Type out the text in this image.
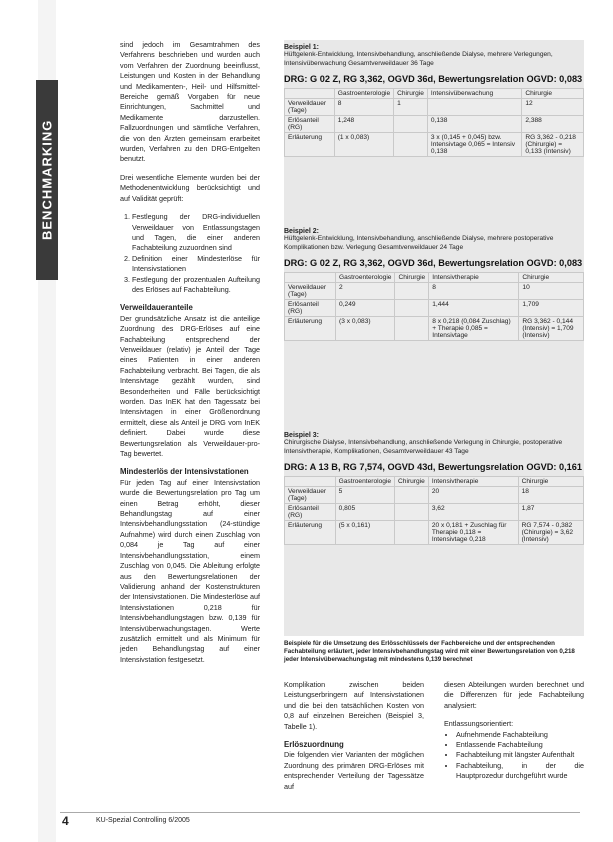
BENCHMARKING

sind jedoch im Gesamtrahmen des Verfahrens beschrieben und wurden auch vom Verfahren der Zuordnung beeinflusst, Leistungen und Kosten in der Behandlung und Medikamenten-, Heil- und Hilfsmittel-Bereiche gemäß Vorgaben für neue Einrichtungen, Sachmittel und Medikamente darzustellen. Fallzuordnungen und sämtliche Verfahren, die von den Ärzten gemeinsam erarbeitet wurden, Verfahren zu den DRG-Entgelten benutzt.

Drei wesentliche Elemente wurden bei der Methodenentwicklung berücksichtigt und auf Validität geprüft:

1. Festlegung der DRG-individuellen Verweildauer von Entlassungstagen und Tagen, die einer anderen Fachabteilung zuzuordnen sind
2. Definition einer Mindesterlöse für Intensivstationen
3. Festlegung der prozentualen Aufteilung des Erlöses auf Fachabteilung.
Verweildaueranteile

Der grundsätzliche Ansatz ist die anteilige Zuordnung des DRG-Erlöses auf eine Fachabteilung entsprechend der Verweildauer (relativ) je Anteil der Tage eines Patienten in einer anderen Fachabteilung verbracht. Bei Tagen, die als Intensivtage gezählt wurden, sind Besonderheiten und Fälle berücksichtigt worden. Das InEK hat den Tagessatz bei Intensivtagen in einer Größenordnung ermittelt, diese als Anteil je DRG vom InEK definiert. Dabei wurde diese Bewertungsrelation als Verweildauer-pro-Tag bewertet.

Mindesterlös der Intensivstationen

Für jeden Tag auf einer Intensivstation wurde die Bewertungsrelation pro Tag um einen Betrag erhöht, dieser Behandlungstag auf einer Intensivbehandlungsstation (24-stündige Aufnahme) wird durch einen Zuschlag von 0,084 je Tag auf einer Intensivbehandlungsstation, einem Zuschlag von 0,045. Die Ableitung erfolgte aus den Bewertungsrelationen der Validierung anhand der Kostenstrukturen der Intensivstationen. Die Mindesterlöse auf Intensivstationen 0,218 für Intensivbehandlungstagen bzw. 0,139 für Intensivüberwachungstagen. Werte zusätzlich ermittelt und als Minimum für jeden Behandlungstag auf einer Intensivstation festgesetzt.

Beispiel 1:

Hüftgelenk-Entwicklung, Intensivbehandlung, anschließende Dialyse, mehrere Verlegungen, Intensivüberwachung Gesamtverweildauer 36 Tage

DRG: G 02 Z, RG 3,362, OGVD 36d, Bewertungsrelation OGVD: 0,083

	Gastroenterologie	Chirurgie	Intensivüberwachung	Chirurgie
Verweildauer (Tage)	8	1		12
Erlösanteil (RG)	1,248		0,138	2,388
Erläuterung	(1 x 0,083)		3 x (0,145 + 0,045) bzw. Intensivtage 0,065 = Intensiv 0,138	RG 3,362 - 0,218 (Chirurgie) = 0,133 (Intensiv)

Beispiel 2:

Hüftgelenk-Entwicklung, Intensivbehandlung, anschließende Dialyse, mehrere postoperative Komplikationen bzw. Verlegung Gesamtverweildauer 24 Tage

DRG: G 02 Z, RG 3,362, OGVD 36d, Bewertungsrelation OGVD: 0,083

	Gastroenterologie	Chirurgie	Intensivtherapie	Chirurgie
Verweildauer (Tage)	2		8	10
Erlösanteil (RG)	0,249		1,444	1,709
Erläuterung	(3 x 0,083)		8 x 0,218 (0,084 Zuschlag) + Therapie 0,085 = Intensivtage	RG 3,362 - 0,144 (Intensiv) = 1,709 (Intensiv)

Beispiel 3:

Chirurgische Dialyse, Intensivbehandlung, anschließende Verlegung in Chirurgie, postoperative Intensivtherapie, Komplikationen, Gesamtverweildauer 43 Tage

DRG: A 13 B, RG 7,574, OGVD 43d, Bewertungsrelation OGVD: 0,161

	Gastroenterologie	Chirurgie	Intensivtherapie	Chirurgie
Verweildauer (Tage)	5		20	18
Erlösanteil (RG)	0,805		3,62	1,87
Erläuterung	(5 x 0,161)		20 x 0,181 + Zuschlag für Therapie 0,118 = Intensivtage 0,218	RG 7,574 - 0,382 (Chirurgie) = 3,62 (Intensiv)
Beispiele für die Umsetzung des Erlösschlüssels der Fachbereiche und der entsprechenden Fachabteilung erläutert, jeder Intensivbehandlungstag wird mit einer Bewertungsrelation von 0,218 jeder Intensivüberwachungstag mit mindestens 0,139 berechnet

Komplikation zwischen beiden Leistungserbringern auf Intensivstationen und die bei den tatsächlichen Kosten von 0,8 auf einzelnen Bereichen (Beispiel 3, Tabelle 1).

Erlöszuordnung

Die folgenden vier Varianten der möglichen Zuordnung des primären DRG-Erlöses mit entsprechender Verteilung der Tagessätze auf

diesen Abteilungen wurden berechnet und die Differenzen für jede Fachabteilung analysiert:

Entlassungsorientiert:

• Aufnehmende Fachabteilung
• Entlassende Fachabteilung
• Fachabteilung mit längster Aufenthalt
• Fachabteilung, in der die Hauptprozedur durchgeführt wurde
4	KU-Spezial Controlling 6/2005
